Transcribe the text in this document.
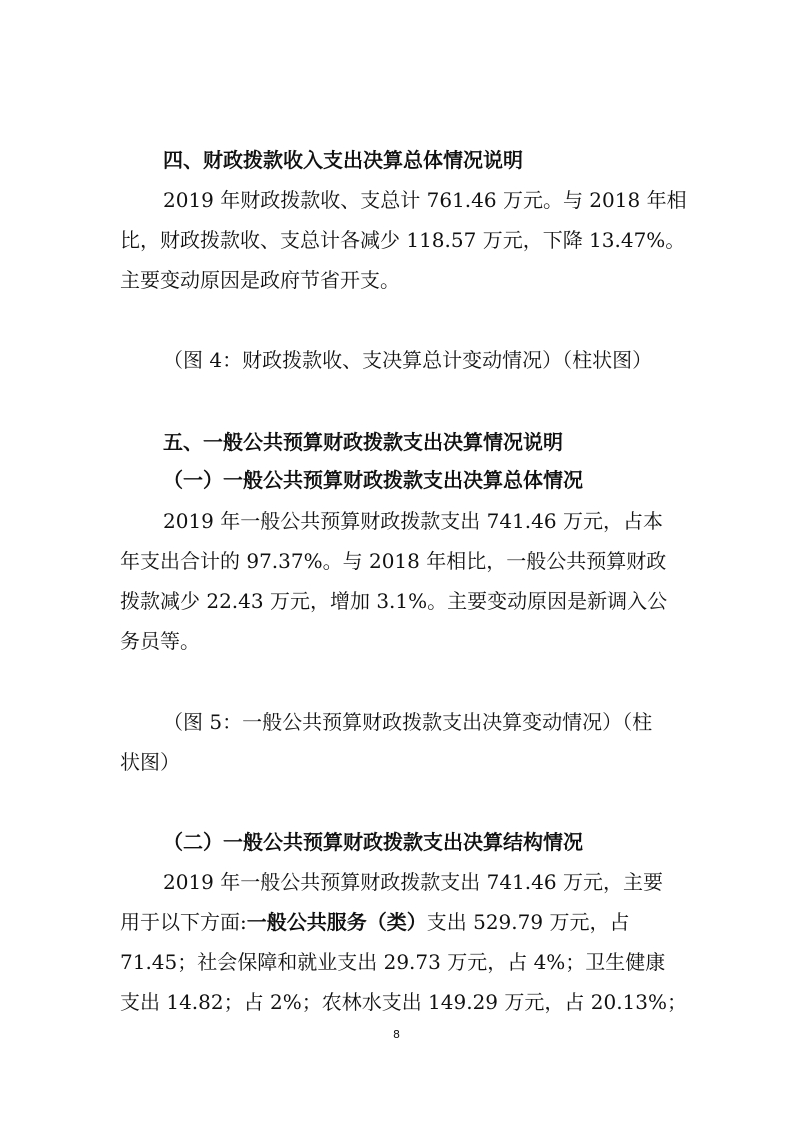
四、财政拨款收入支出决算总体情况说明
2019 年财政拨款收、支总计 761.46 万元。与 2018 年相
比，财政拨款收、支总计各减少 118.57 万元，下降 13.47%。
主要变动原因是政府节省开支。
（图 4：财政拨款收、支决算总计变动情况）（柱状图）
五、一般公共预算财政拨款支出决算情况说明
（一）一般公共预算财政拨款支出决算总体情况
2019 年一般公共预算财政拨款支出 741.46 万元，占本
年支出合计的 97.37%。与 2018 年相比，一般公共预算财政
拨款减少 22.43 万元，增加 3.1%。主要变动原因是新调入公
务员等。
（图 5：一般公共预算财政拨款支出决算变动情况）（柱
状图）
（二）一般公共预算财政拨款支出决算结构情况
2019 年一般公共预算财政拨款支出 741.46 万元，主要
用于以下方面:一般公共服务（类）支出 529.79 万元，占
71.45；社会保障和就业支出 29.73 万元，占 4%；卫生健康
支出 14.82；占 2%；农林水支出 149.29 万元，占 20.13%；
8
